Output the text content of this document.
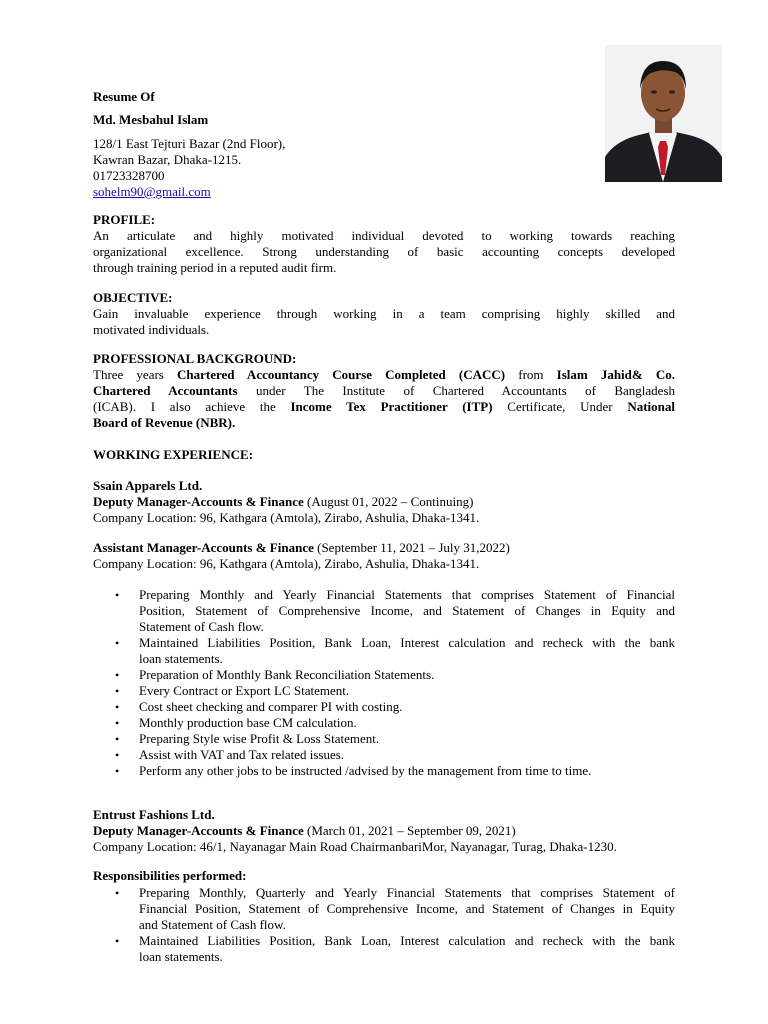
Resume Of
Md. Mesbahul Islam

128/1 East Tejturi Bazar (2nd Floor),

Kawran Bazar, Dhaka-1215.

01723328700

sohelm90@gmail.com

PROFILE:

An articulate and highly motivated individual devoted to working towards reaching

organizational excellence. Strong understanding of basic accounting concepts developed

through training period in a reputed audit firm.

OBJECTIVE:

Gain invaluable experience through working in a team comprising highly skilled and

motivated individuals.

PROFESSIONAL BACKGROUND:

Three years Chartered Accountancy Course Completed (CACC) from Islam Jahid& Co.

Chartered Accountants under The Institute of Chartered Accountants of Bangladesh

(ICAB). I also achieve the Income Tex Practitioner (ITP) Certificate, Under National

Board of Revenue (NBR).

WORKING EXPERIENCE:

Ssain Apparels Ltd.

Deputy Manager-Accounts & Finance (August 01, 2022 – Continuing)

Company Location: 96, Kathgara (Amtola), Zirabo, Ashulia, Dhaka-1341.

Assistant Manager-Accounts & Finance (September 11, 2021 – July 31,2022)

Company Location: 96, Kathgara (Amtola), Zirabo, Ashulia, Dhaka-1341.

• Preparing Monthly and Yearly Financial Statements that comprises Statement of Financial

Position, Statement of Comprehensive Income, and Statement of Changes in Equity and

Statement of Cash flow.

• Maintained Liabilities Position, Bank Loan, Interest calculation and recheck with the bank

loan statements.

• Preparation of Monthly Bank Reconciliation Statements.

• Every Contract or Export LC Statement.

• Cost sheet checking and comparer PI with costing.

• Monthly production base CM calculation.

• Preparing Style wise Profit & Loss Statement.

• Assist with VAT and Tax related issues.

• Perform any other jobs to be instructed /advised by the management from time to time.

Entrust Fashions Ltd.

Deputy Manager-Accounts & Finance (March 01, 2021 – September 09, 2021)

Company Location: 46/1, Nayanagar Main Road ChairmanbariMor, Nayanagar, Turag, Dhaka-1230.

Responsibilities performed:
• Preparing Monthly, Quarterly and Yearly Financial Statements that comprises Statement of

Financial Position, Statement of Comprehensive Income, and Statement of Changes in Equity

and Statement of Cash flow.

• Maintained Liabilities Position, Bank Loan, Interest calculation and recheck with the bank

loan statements.
